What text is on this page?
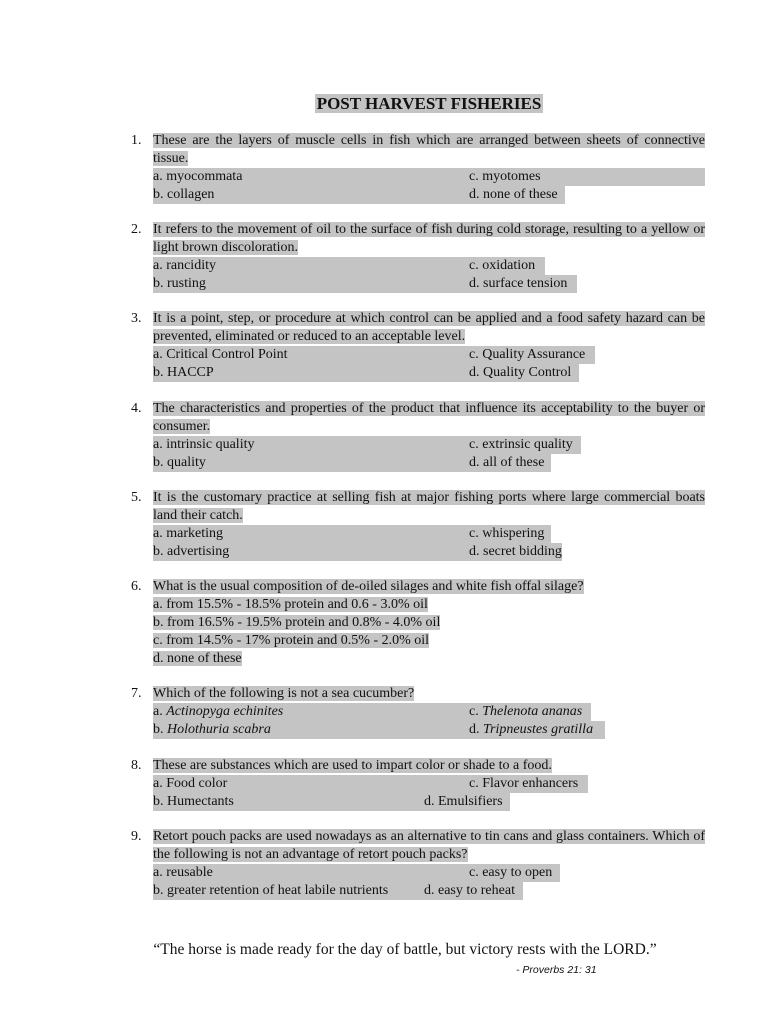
POST HARVEST FISHERIES
1. These are the layers of muscle cells in fish which are arranged between sheets of connective tissue.
a. myocommata	c. myotomes
b. collagen	d. none of these
2. It refers to the movement of oil to the surface of fish during cold storage, resulting to a yellow or light brown discoloration.
a. rancidity	c. oxidation
b. rusting	d. surface tension
3. It is a point, step, or procedure at which control can be applied and a food safety hazard can be prevented, eliminated or reduced to an acceptable level.
a. Critical Control Point	c. Quality Assurance
b. HACCP	d. Quality Control
4. The characteristics and properties of the product that influence its acceptability to the buyer or consumer.
a. intrinsic quality	c. extrinsic quality
b. quality	d. all of these
5. It is the customary practice at selling fish at major fishing ports where large commercial boats land their catch.
a. marketing	c. whispering
b. advertising	d. secret bidding
6. What is the usual composition of de-oiled silages and white fish offal silage?
a. from 15.5% - 18.5% protein and 0.6 - 3.0% oil
b. from 16.5% - 19.5% protein and 0.8% - 4.0% oil
c. from 14.5% - 17% protein and 0.5% - 2.0% oil
d. none of these
7. Which of the following is not a sea cucumber?
a. Actinopyga echinites	c. Thelenota ananas
b. Holothuria scabra	d. Tripneustes gratilla
8. These are substances which are used to impart color or shade to a food.
a. Food color	c. Flavor enhancers
b. Humectants	d. Emulsifiers
9. Retort pouch packs are used nowadays as an alternative to tin cans and glass containers. Which of the following is not an advantage of retort pouch packs?
a. reusable	c. easy to open
b. greater retention of heat labile nutrients	d. easy to reheat
“The horse is made ready for the day of battle, but victory rests with the LORD.”
- Proverbs 21: 31
